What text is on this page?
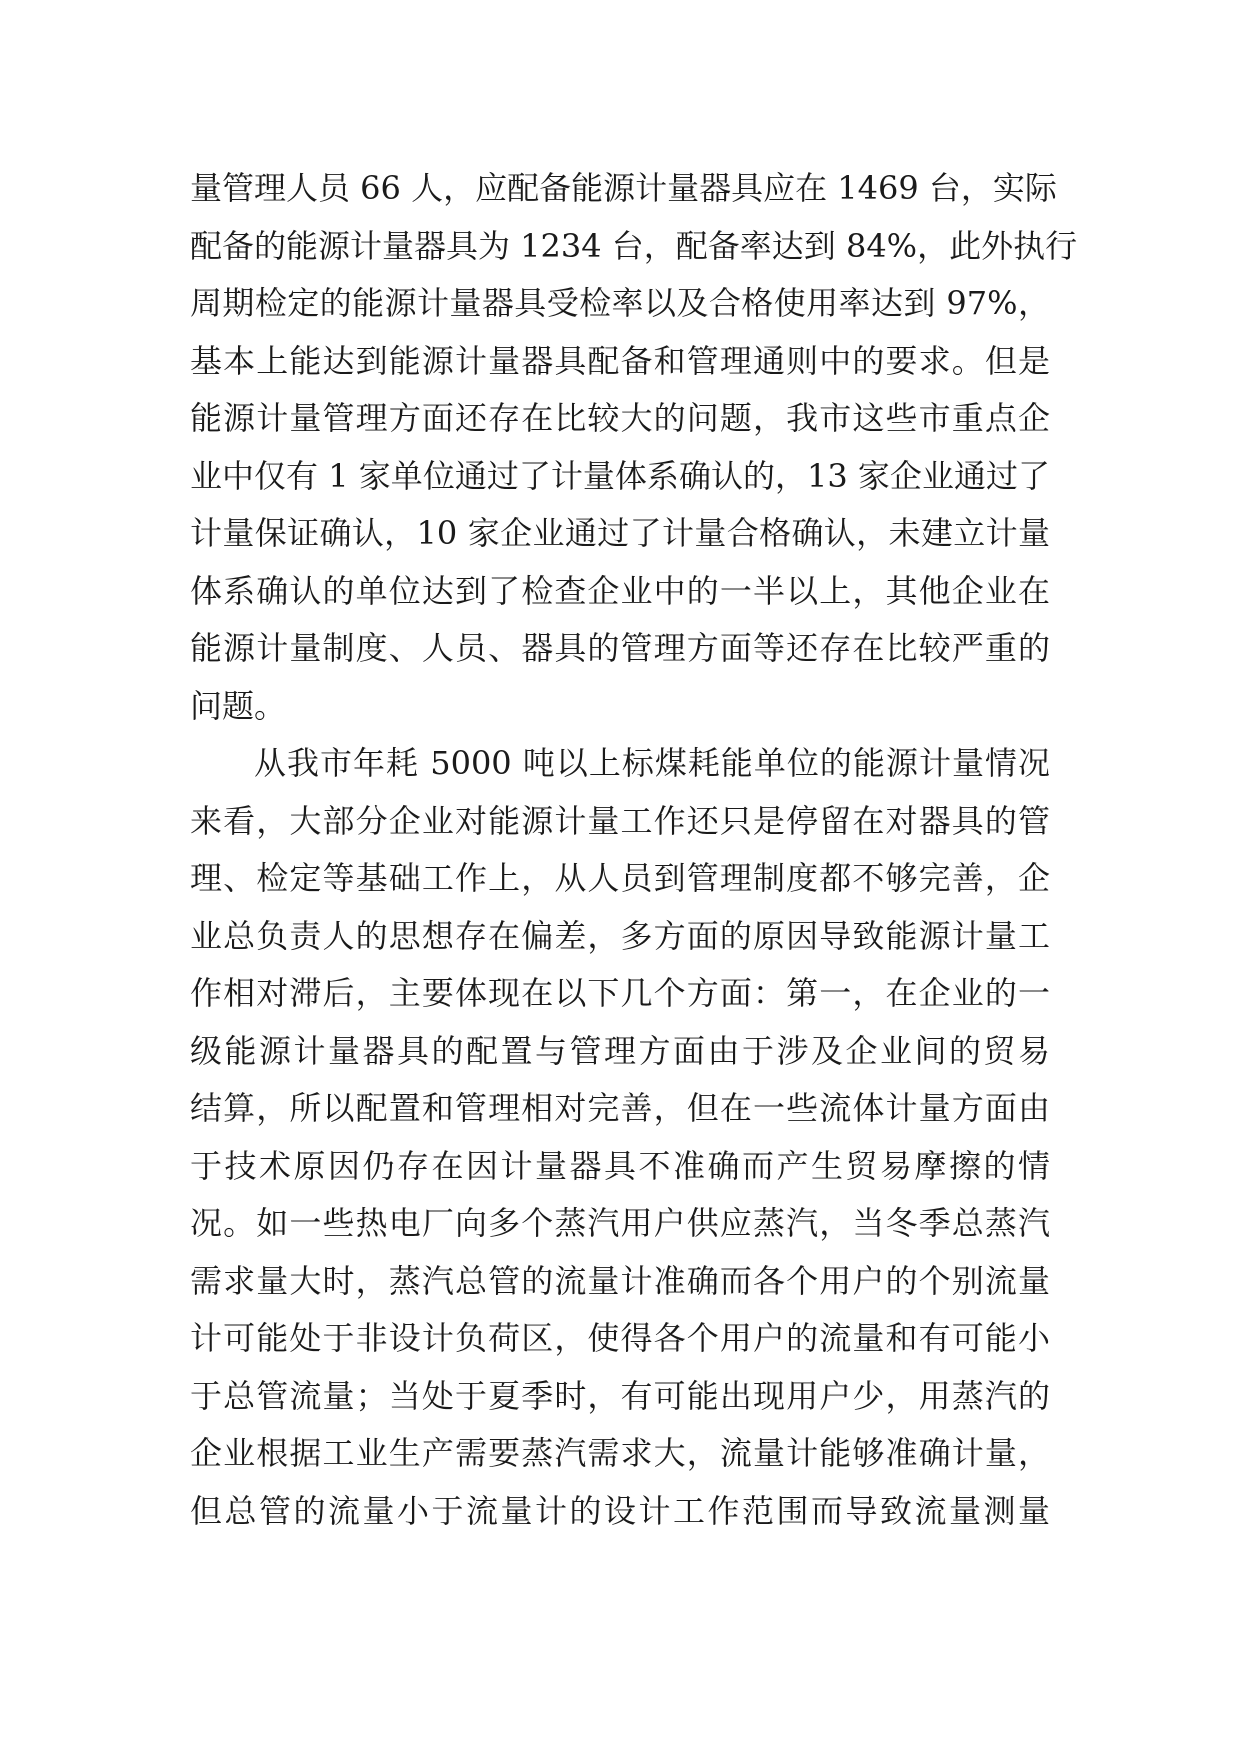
量管理人员 66 人，应配备能源计量器具应在 1469 台，实际
配备的能源计量器具为 1234 台，配备率达到 84%，此外执行
周期检定的能源计量器具受检率以及合格使用率达到 97%，
基本上能达到能源计量器具配备和管理通则中的要求。但是
能源计量管理方面还存在比较大的问题，我市这些市重点企
业中仅有 1 家单位通过了计量体系确认的，13 家企业通过了
计量保证确认，10 家企业通过了计量合格确认，未建立计量
体系确认的单位达到了检查企业中的一半以上，其他企业在
能源计量制度、人员、器具的管理方面等还存在比较严重的
问题。
从我市年耗 5000 吨以上标煤耗能单位的能源计量情况
来看，大部分企业对能源计量工作还只是停留在对器具的管
理、检定等基础工作上，从人员到管理制度都不够完善，企
业总负责人的思想存在偏差，多方面的原因导致能源计量工
作相对滞后，主要体现在以下几个方面：第一，在企业的一
级能源计量器具的配置与管理方面由于涉及企业间的贸易
结算，所以配置和管理相对完善，但在一些流体计量方面由
于技术原因仍存在因计量器具不准确而产生贸易摩擦的情
况。如一些热电厂向多个蒸汽用户供应蒸汽，当冬季总蒸汽
需求量大时，蒸汽总管的流量计准确而各个用户的个别流量
计可能处于非设计负荷区，使得各个用户的流量和有可能小
于总管流量；当处于夏季时，有可能出现用户少，用蒸汽的
企业根据工业生产需要蒸汽需求大，流量计能够准确计量，
但总管的流量小于流量计的设计工作范围而导致流量测量
